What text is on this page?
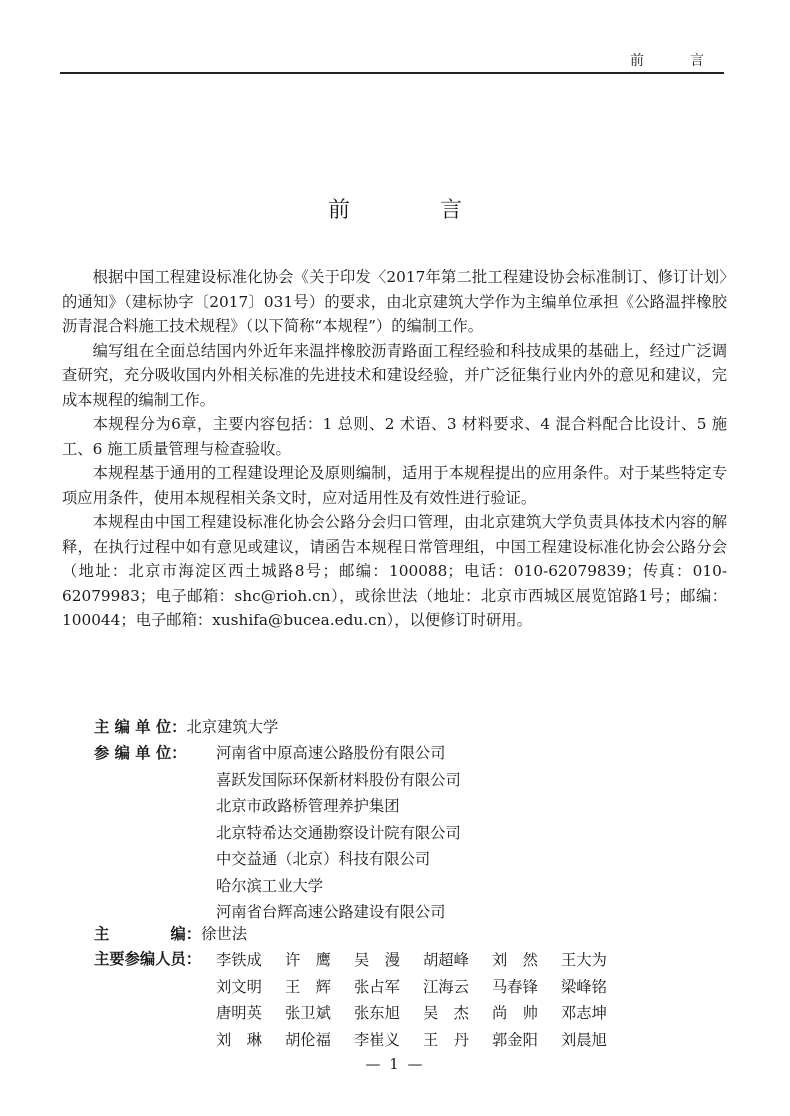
前　言
前　言

根据中国工程建设标准化协会《关于印发〈2017年第二批工程建设协会标准制订、修订计划〉的通知》（建标协字〔2017〕031号）的要求，由北京建筑大学作为主编单位承担《公路温拌橡胶沥青混合料施工技术规程》（以下简称“本规程”）的编制工作。

编写组在全面总结国内外近年来温拌橡胶沥青路面工程经验和科技成果的基础上，经过广泛调查研究，充分吸收国内外相关标准的先进技术和建设经验，并广泛征集行业内外的意见和建议，完成本规程的编制工作。

本规程分为6章，主要内容包括：1 总则、2 术语、3 材料要求、4 混合料配合比设计、5 施工、6 施工质量管理与检查验收。

本规程基于通用的工程建设理论及原则编制，适用于本规程提出的应用条件。对于某些特定专项应用条件，使用本规程相关条文时，应对适用性及有效性进行验证。

本规程由中国工程建设标准化协会公路分会归口管理，由北京建筑大学负责具体技术内容的解释，在执行过程中如有意见或建议，请函告本规程日常管理组，中国工程建设标准化协会公路分会（地址：北京市海淀区西土城路8号；邮编：100088；电话：010-62079839；传真：010-62079983；电子邮箱：shc@rioh.cn），或徐世法（地址：北京市西城区展览馆路1号；邮编：100044；电子邮箱：xushifa@bucea.edu.cn），以便修订时研用。

主 编 单 位：北京建筑大学
参 编 单 位： 河南省中原高速公路股份有限公司
喜跃发国际环保新材料股份有限公司
北京市政路桥管理养护集团
北京特希达交通勘察设计院有限公司
中交益通（北京）科技有限公司
哈尔滨工业大学
河南省台辉高速公路建设有限公司
主　　　　编：徐世法
主要参编人员： 李铁成	许　鹰	吴　漫	胡超峰	刘　然	王大为
刘文明	王　辉	张占军	江海云	马春锋	梁峰铭
唐明英	张卫斌	张东旭	吴　杰	尚　帅	邓志坤
刘　琳	胡伦福	李崔义	王　丹	郭金阳	刘晨旭
— 1 —
